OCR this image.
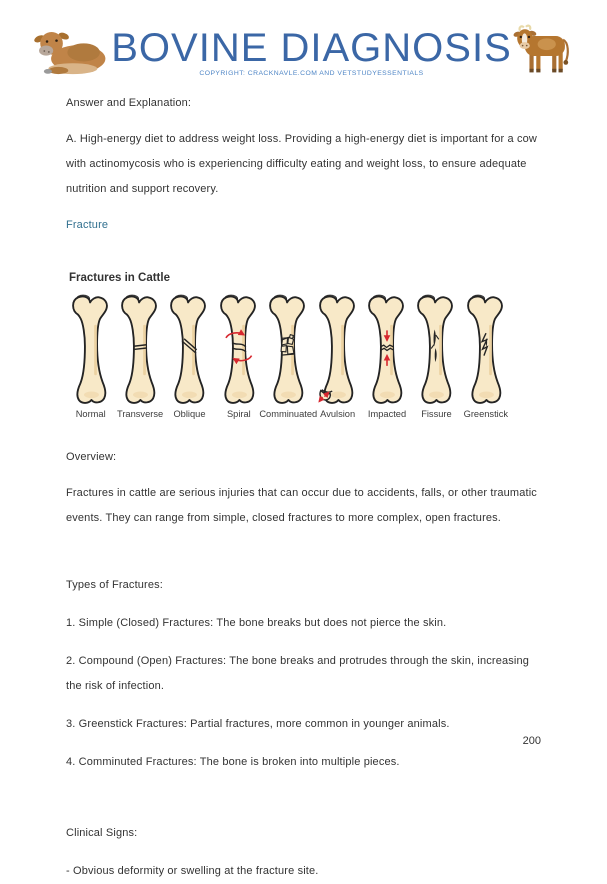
BOVINE DIAGNOSIS
COPYRIGHT: CRACKNAVLE.COM AND VETSTUDYESSENTIALS
Answer and Explanation:
A. High-energy diet to address weight loss. Providing a high-energy diet is important for a cow with actinomycosis who is experiencing difficulty eating and weight loss, to ensure adequate nutrition and support recovery.
Fracture
Fractures in Cattle
Normal Transverse Oblique Spiral Comminuated Avulsion Impacted Fissure Greenstick
Overview:
Fractures in cattle are serious injuries that can occur due to accidents, falls, or other traumatic events. They can range from simple, closed fractures to more complex, open fractures.
Types of Fractures:
1. Simple (Closed) Fractures: The bone breaks but does not pierce the skin.
2. Compound (Open) Fractures: The bone breaks and protrudes through the skin, increasing the risk of infection.
3. Greenstick Fractures: Partial fractures, more common in younger animals.
4. Comminuted Fractures: The bone is broken into multiple pieces.
Clinical Signs:
- Obvious deformity or swelling at the fracture site.
200
